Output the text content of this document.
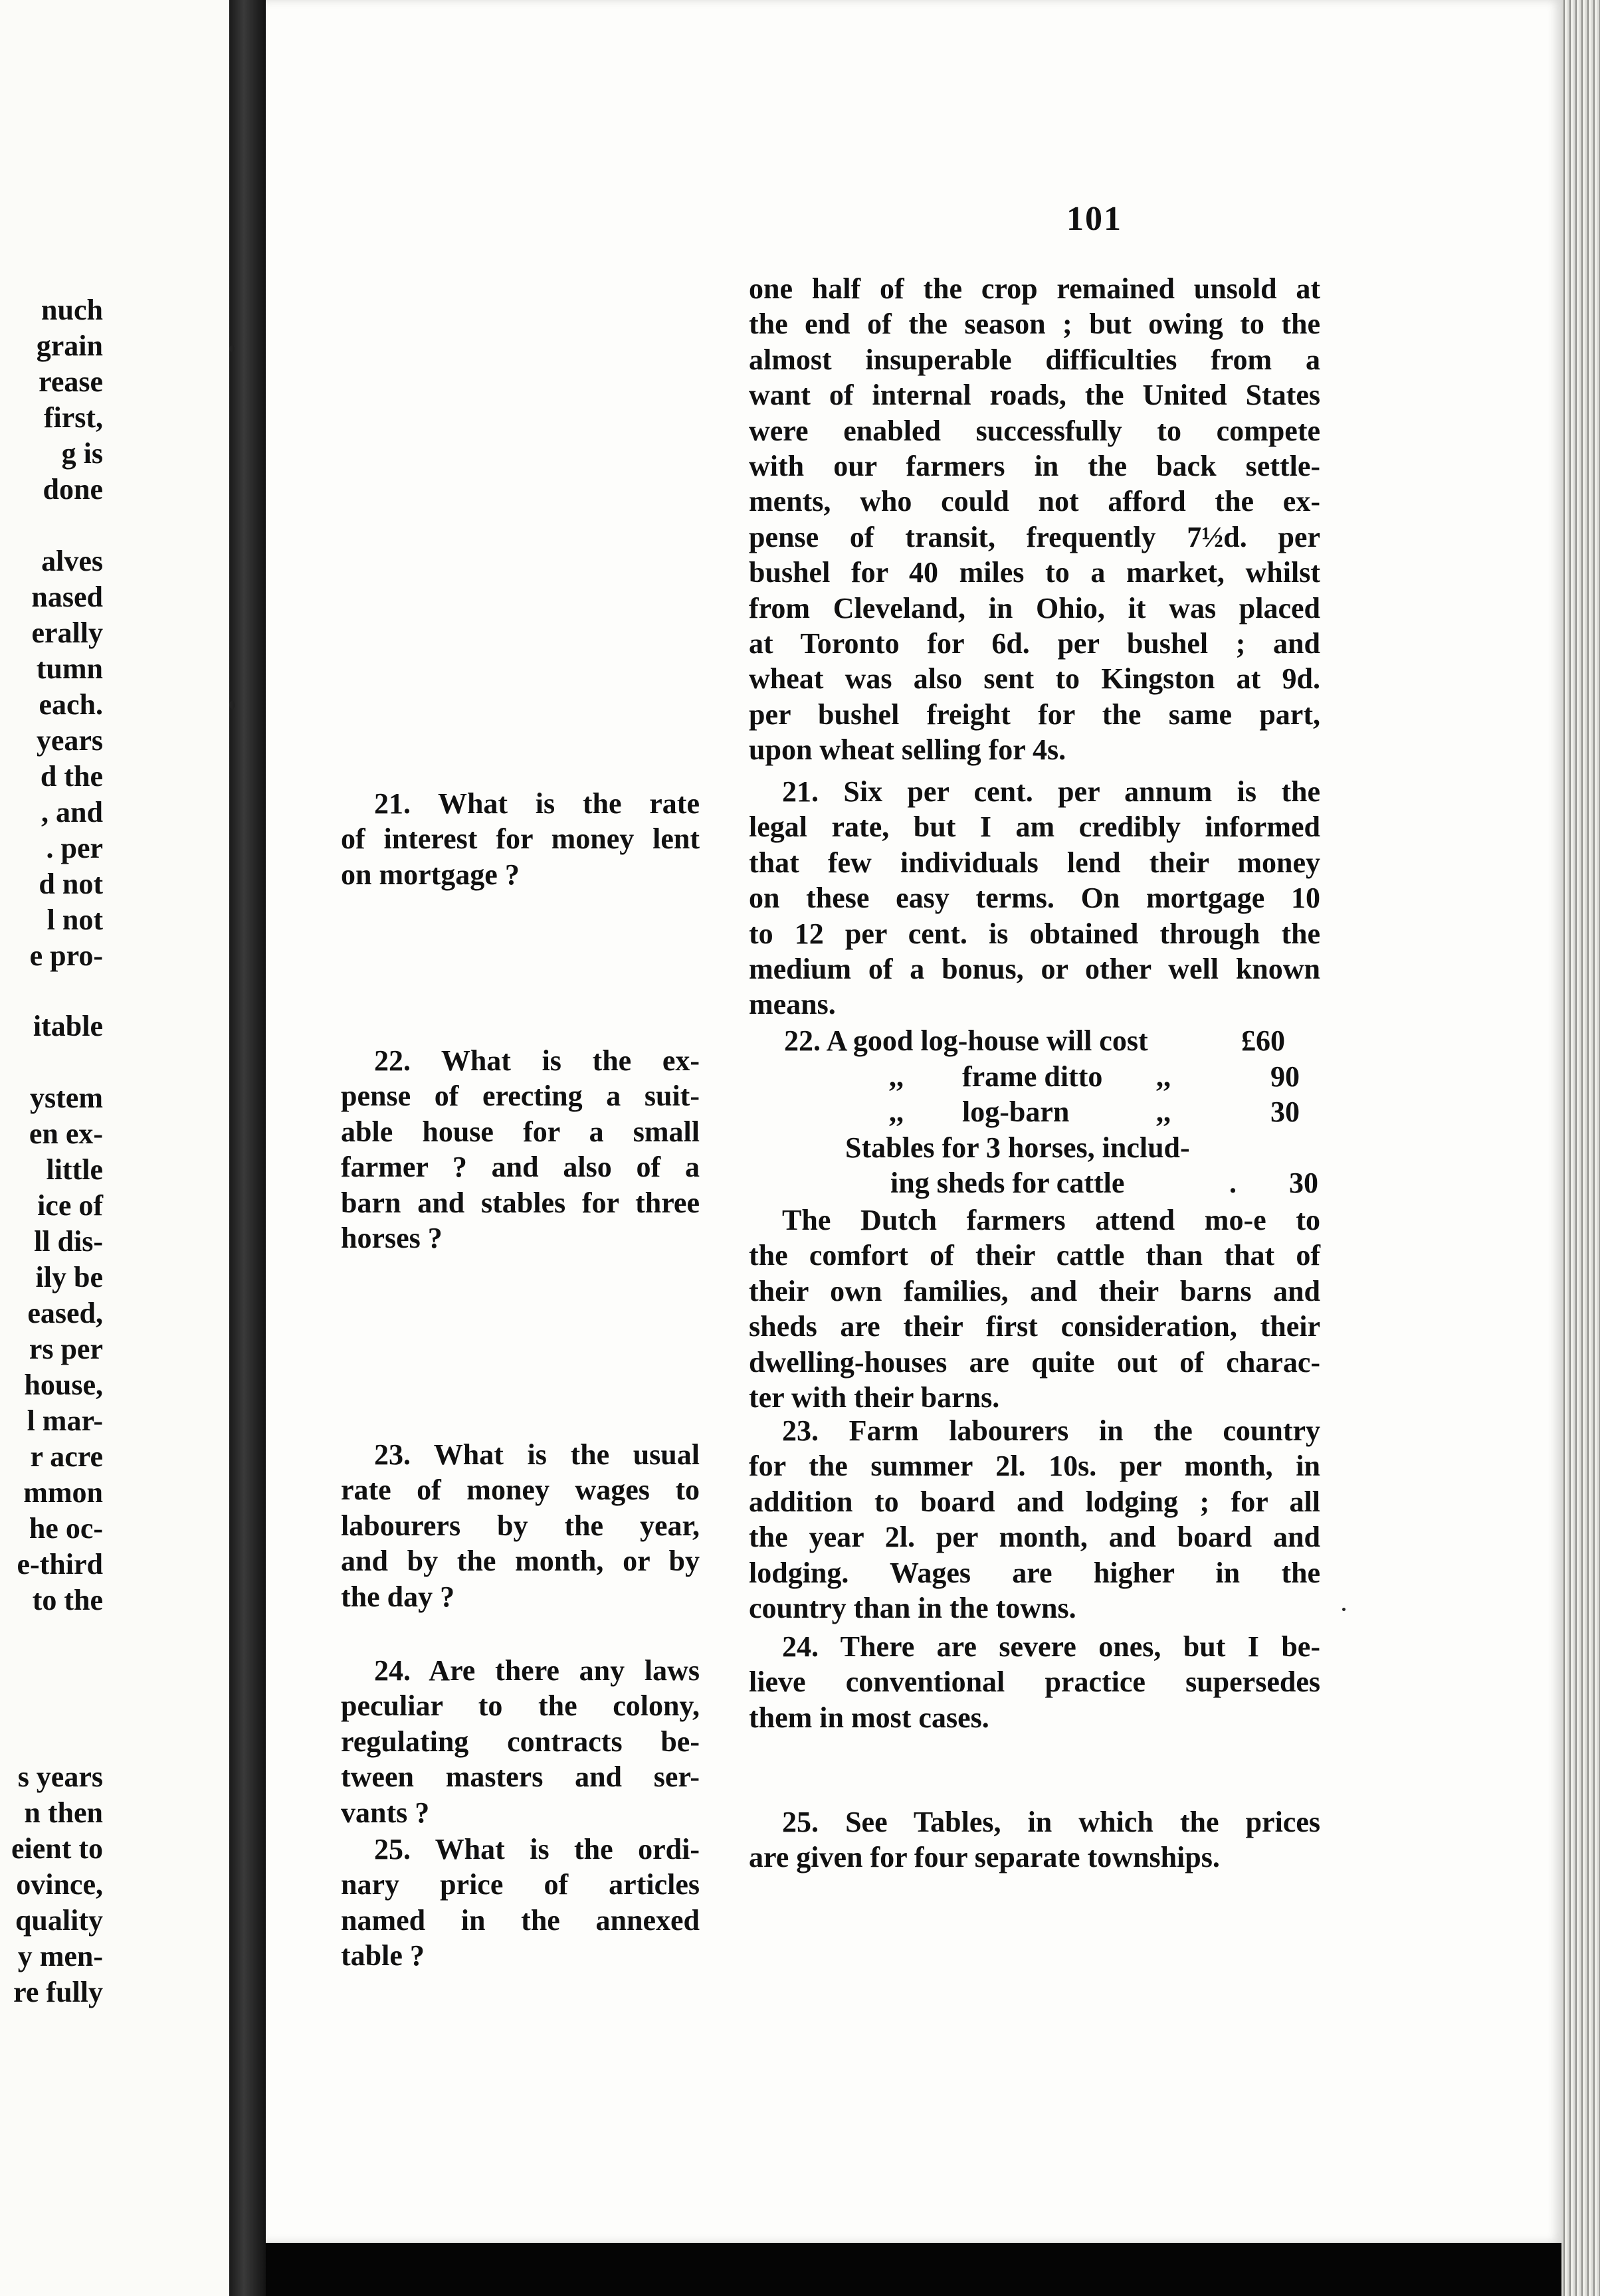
nuch
grain
rease
first,
g is
done
alves
nased
erally
tumn
each.
years
d the
, and
. per
d not
l not
e pro-
itable
ystem
en ex-
little
ice of
ll dis-
ily be
eased,
rs per
house,
l mar-
r acre
mmon
he oc-
e-third
to the
s years
n then
eient to
ovince,
quality
y men-
re fully
101
one half of the crop remained unsold at
the end of the season ; but owing to the
almost insuperable difficulties from a
want of internal roads, the United States
were enabled successfully to compete
with our farmers in the back settle-
ments, who could not afford the ex-
pense of transit, frequently 7½d. per
bushel for 40 miles to a market, whilst
from Cleveland, in Ohio, it was placed
at Toronto for 6d. per bushel ; and
wheat was also sent to Kingston at 9d.
per bushel freight for the same part,
upon wheat selling for 4s.
21. Six per cent. per annum is the
legal rate, but I am credibly informed
that few individuals lend their money
on these easy terms. On mortgage 10
to 12 per cent. is obtained through the
medium of a bonus, or other well known
means.
22. A good log-house will cost	£60
,, frame ditto ,,	90
,, log-barn	,,	30
Stables for 3 horses, includ-
ing sheds for cattle	. 30
The Dutch farmers attend mo-e to
the comfort of their cattle than that of
their own families, and their barns and
sheds are their first consideration, their
dwelling-houses are quite out of charac-
ter with their barns.
23. Farm labourers in the country
for the summer 2l. 10s. per month, in
addition to board and lodging ; for all
the year 2l. per month, and board and
lodging. Wages are higher in the
country than in the towns.
24. There are severe ones, but I be-
lieve conventional practice supersedes
them in most cases.
25. See Tables, in which the prices
are given for four separate townships.
21. What is the rate
of interest for money lent
on mortgage ?
22. What is the ex-
pense of erecting a suit-
able house for a small
farmer ? and also of a
barn and stables for three
horses ?
23. What is the usual
rate of money wages to
labourers by the year,
and by the month, or by
the day ?
24. Are there any laws
peculiar to the colony,
regulating contracts be-
tween masters and ser-
vants ?
25. What is the ordi-
nary price of articles
named in the annexed
table ?
